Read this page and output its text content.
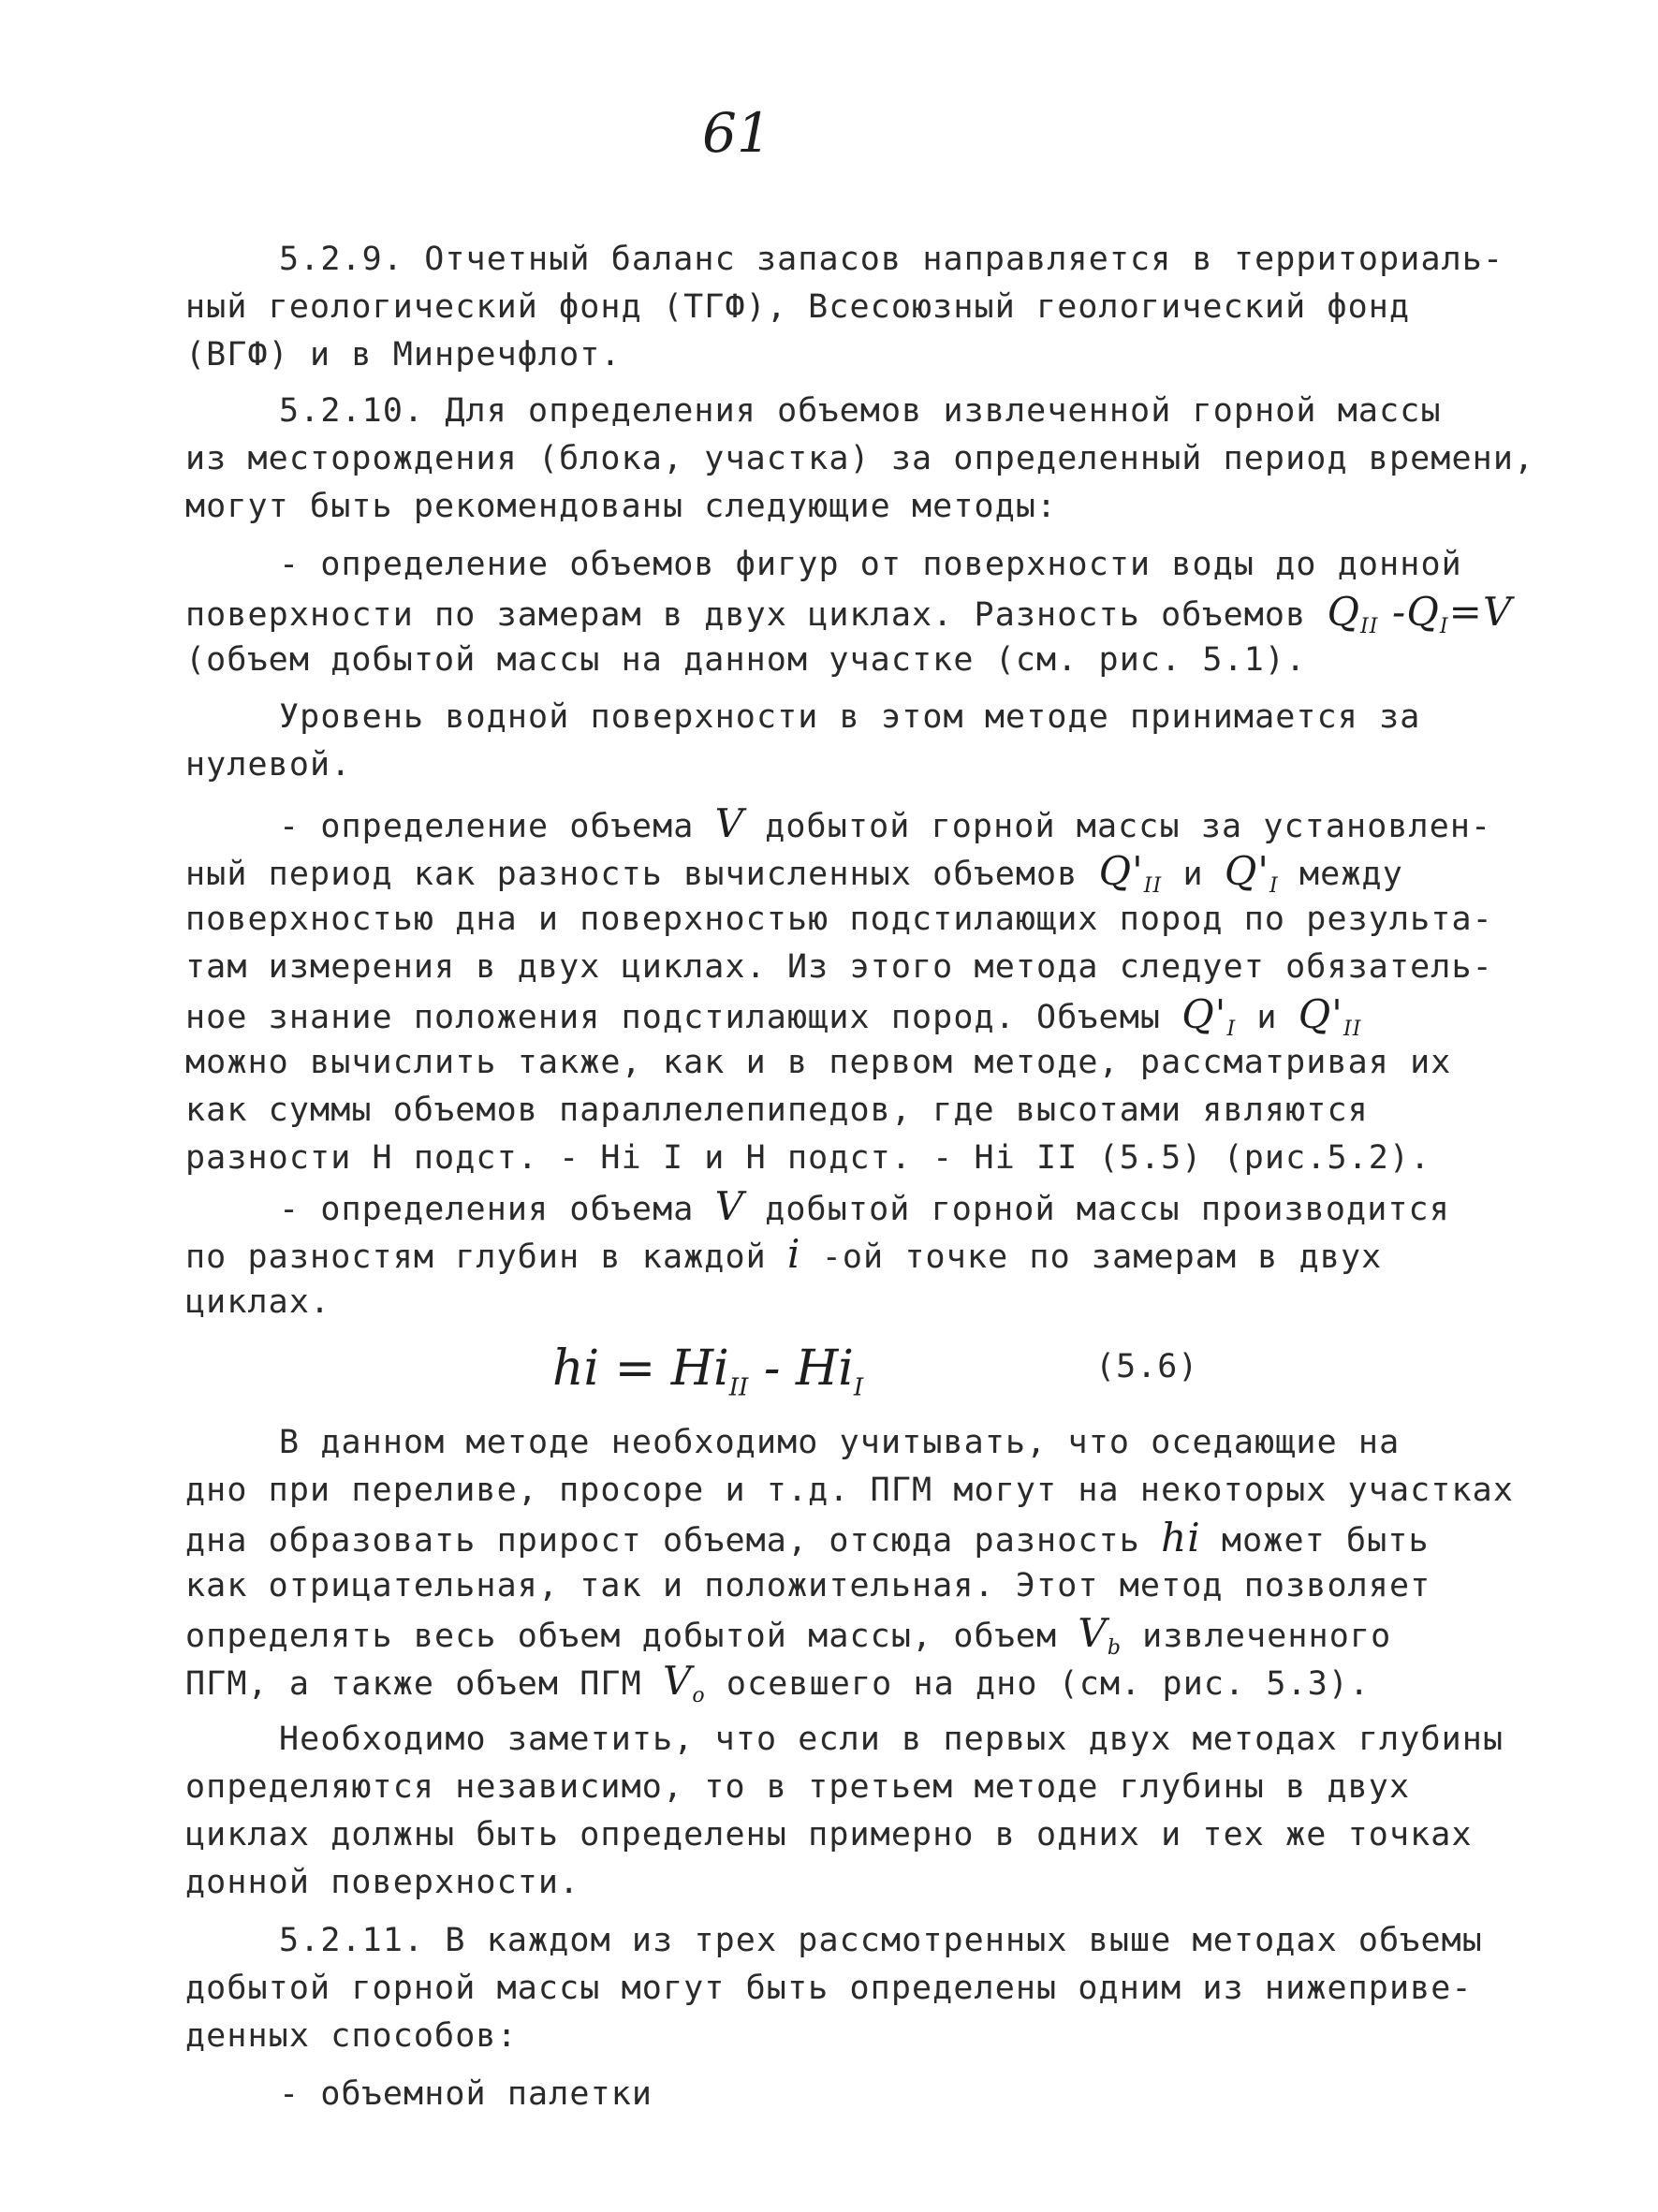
61
5.2.9. Отчетный баланс запасов направляется в территориаль-
ный геологический фонд (ТГФ), Всесоюзный геологический фонд
(ВГФ) и в Минречфлот.
5.2.10. Для определения объемов извлеченной горной массы
из месторождения (блока, участка) за определенный период времени,
могут быть рекомендованы следующие методы:
- определение объемов фигур от поверхности воды до донной
поверхности по замерам в двух циклах. Разность объемов $Q_{II}$ $-Q_I=V$
(объем добытой массы на данном участке (см. рис. 5.1).
Уровень водной поверхности в этом методе принимается за
нулевой.
- определение объема V добытой горной массы за установлен-
ный период как разность вычисленных объемов $Q'_{II}$ и $Q'_I$ между
поверхностью дна и поверхностью подстилающих пород по результа-
там измерения в двух циклах. Из этого метода следует обязатель-
ное знание положения подстилающих пород. Объемы $Q'_I$ и $Q'_{II}$
можно вычислить также, как и в первом методе, рассматривая их
как суммы объемов параллелепипедов, где высотами являются
разности Н подст. - Нi I и Н подст. - Нi II (5.5) (рис.5.2).
- определения объема V добытой горной массы производится
по разностям глубин в каждой i -ой точке по замерам в двух
циклах.
hi = $Hi_{II} - Hi_I$
(5.6)
В данном методе необходимо учитывать, что оседающие на
дно при переливе, просоре и т.д. ПГМ могут на некоторых участках
дна образовать прирост объема, отсюда разность hi может быть
как отрицательная, так и положительная. Этот метод позволяет
определять весь объем добытой массы, объем $V_b$ извлеченного
ПГМ, а также объем ПГМ $V_o$ осевшего на дно (см. рис. 5.3).
Необходимо заметить, что если в первых двух методах глубины
определяются независимо, то в третьем методе глубины в двух
циклах должны быть определены примерно в одних и тех же точках
донной поверхности.
5.2.11. В каждом из трех рассмотренных выше методах объемы
добытой горной массы могут быть определены одним из нижеприве-
денных способов:
- объемной палетки
